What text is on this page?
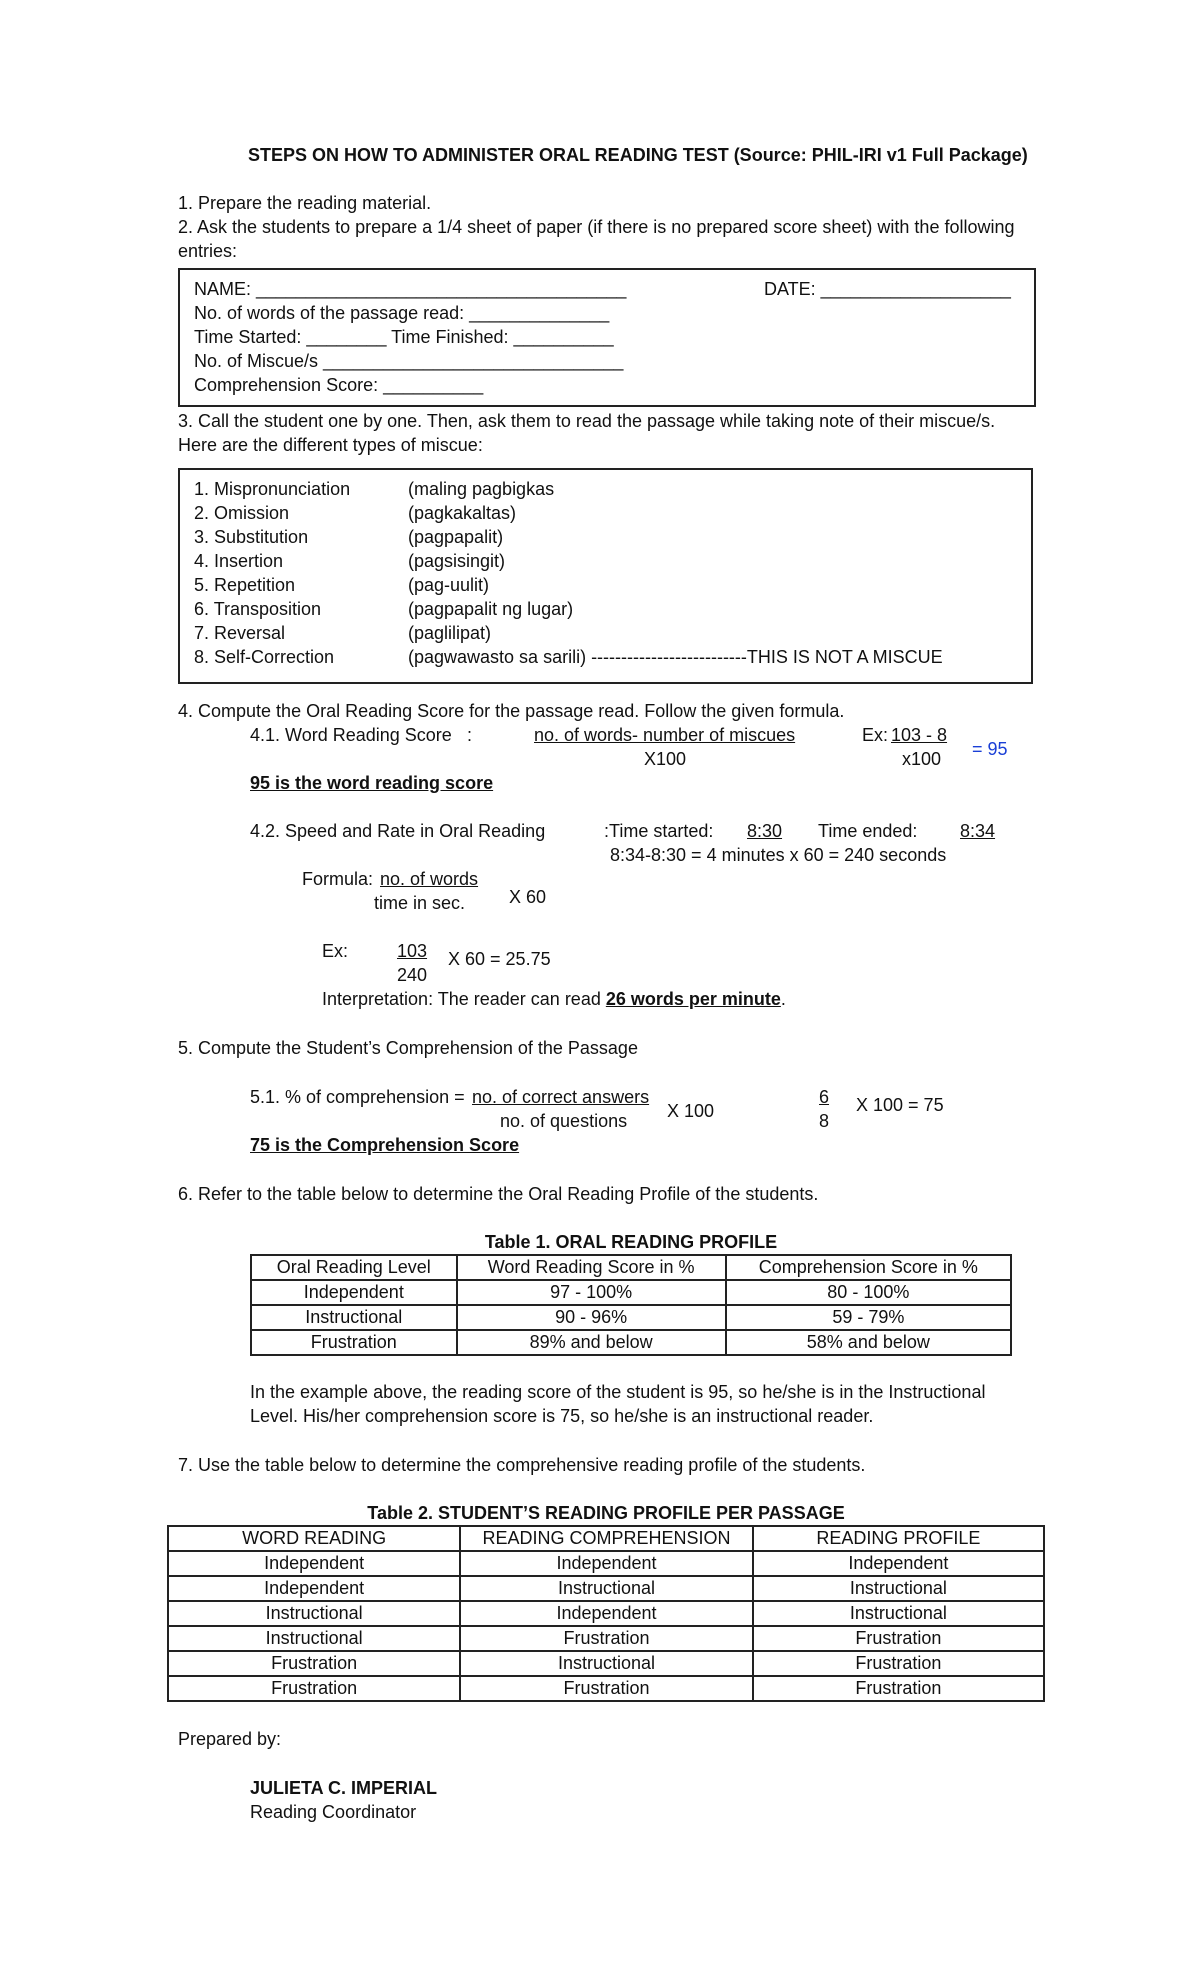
STEPS ON HOW TO ADMINISTER ORAL READING TEST (Source: PHIL-IRI v1 Full Package)
1. Prepare the reading material.
2. Ask the students to prepare a 1/4 sheet of paper (if there is no prepared score sheet) with the following
entries:
NAME: _____________________________________	DATE: ___________________
No. of words of the passage read: ______________
Time Started: ________ Time Finished: __________
No. of Miscue/s ______________________________
Comprehension Score: __________
3. Call the student one by one. Then, ask them to read the passage while taking note of their miscue/s.
Here are the different types of miscue:
1. Mispronunciation	(maling pagbigkas
2. Omission	(pagkakaltas)
3. Substitution	(pagpapalit)
4. Insertion	(pagsisingit)
5. Repetition	(pag-uulit)
6. Transposition	(pagpapalit ng lugar)
7. Reversal	(paglilipat)
8. Self-Correction	(pagwawasto sa sarili) --------------------------THIS IS NOT A MISCUE
4. Compute the Oral Reading Score for the passage read. Follow the given formula.
4.1. Word Reading Score :	no. of words- number of miscues
X100
Ex: 103 - 8
x100 = 95
95 is the word reading score
4.2. Speed and Rate in Oral Reading	:Time started: 8:30 Time ended: 8:34
8:34-8:30 = 4 minutes x 60 = 240 seconds
Formula: no. of words
time in sec. X 60
Ex:	103
240
X 60 = 25.75
Interpretation: The reader can read 26 words per minute.
5. Compute the Student’s Comprehension of the Passage
5.1. % of comprehension = no. of correct answers
no. of questions X 100
6
8
X 100 = 75
75 is the Comprehension Score
6. Refer to the table below to determine the Oral Reading Profile of the students.
Table 1. ORAL READING PROFILE
Oral Reading Level	Word Reading Score in %	Comprehension Score in %
Independent	97 - 100%	80 - 100%
Instructional	90 - 96%	59 - 79%
Frustration	89% and below	58% and below
In the example above, the reading score of the student is 95, so he/she is in the Instructional
Level. His/her comprehension score is 75, so he/she is an instructional reader.
7. Use the table below to determine the comprehensive reading profile of the students.
Table 2. STUDENT’S READING PROFILE PER PASSAGE
WORD READING	READING COMPREHENSION	READING PROFILE
Independent	Independent	Independent
Independent	Instructional	Instructional
Instructional	Independent	Instructional
Instructional	Frustration	Frustration
Frustration	Instructional	Frustration
Frustration	Frustration	Frustration
Prepared by:
JULIETA C. IMPERIAL
Reading Coordinator
